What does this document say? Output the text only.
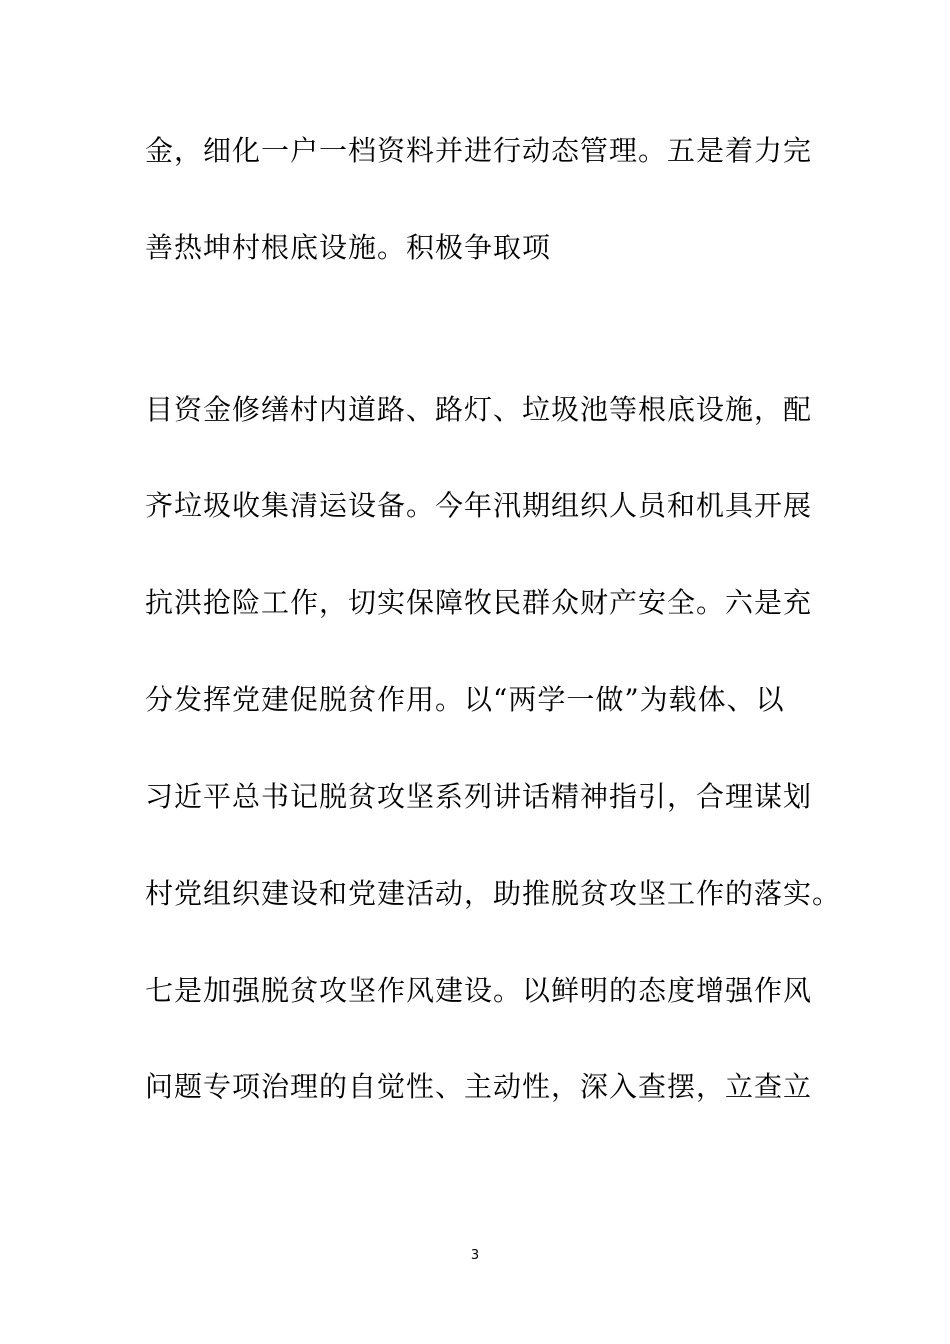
金，细化一户一档资料并进行动态管理。五是着力完
善热坤村根底设施。积极争取项
目资金修缮村内道路、路灯、垃圾池等根底设施，配
齐垃圾收集清运设备。今年汛期组织人员和机具开展
抗洪抢险工作，切实保障牧民群众财产安全。六是充
分发挥党建促脱贫作用。以“两学一做”为载体、以
习近平总书记脱贫攻坚系列讲话精神指引，合理谋划
村党组织建设和党建活动，助推脱贫攻坚工作的落实。
七是加强脱贫攻坚作风建设。以鲜明的态度增强作风
问题专项治理的自觉性、主动性，深入查摆，立查立
3
